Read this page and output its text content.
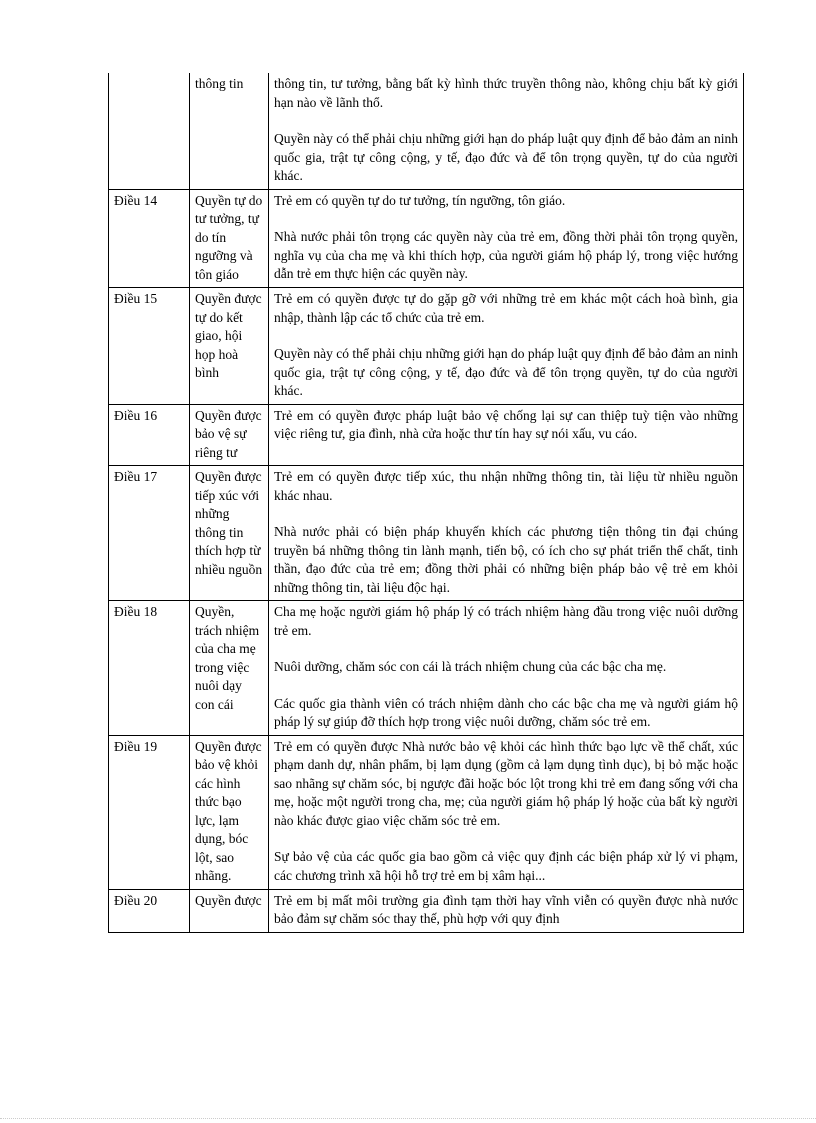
	thông tin	thông tin, tư tưởng, bằng bất kỳ hình thức truyền thông nào, không chịu bất kỳ giới hạn nào về lãnh thổ.

Quyền này có thể phải chịu những giới hạn do pháp luật quy định để bảo đảm an ninh quốc gia, trật tự công cộng, y tế, đạo đức và để tôn trọng quyền, tự do của người khác.

Điều 14	Quyền tự do tư tưởng, tự do tín ngưỡng và tôn giáo	Trẻ em có quyền tự do tư tưởng, tín ngưỡng, tôn giáo.

Nhà nước phải tôn trọng các quyền này của trẻ em, đồng thời phải tôn trọng quyền, nghĩa vụ của cha mẹ và khi thích hợp, của người giám hộ pháp lý, trong việc hướng dẫn trẻ em thực hiện các quyền này.

Điều 15	Quyền được tự do kết giao, hội họp hoà bình	Trẻ em có quyền được tự do gặp gỡ với những trẻ em khác một cách hoà bình, gia nhập, thành lập các tổ chức của trẻ em.

Quyền này có thể phải chịu những giới hạn do pháp luật quy định để bảo đảm an ninh quốc gia, trật tự công cộng, y tế, đạo đức và để tôn trọng quyền, tự do của người khác.

Điều 16	Quyền được bảo vệ sự riêng tư	Trẻ em có quyền được pháp luật bảo vệ chống lại sự can thiệp tuỳ tiện vào những việc riêng tư, gia đình, nhà cửa hoặc thư tín hay sự nói xấu, vu cáo.

Điều 17	Quyền được tiếp xúc với những thông tin thích hợp từ nhiều nguồn	Trẻ em có quyền được tiếp xúc, thu nhận những thông tin, tài liệu từ nhiều nguồn khác nhau.

Nhà nước phải có biện pháp khuyến khích các phương tiện thông tin đại chúng truyền bá những thông tin lành mạnh, tiến bộ, có ích cho sự phát triển thể chất, tinh thần, đạo đức của trẻ em; đồng thời phải có những biện pháp bảo vệ trẻ em khỏi những thông tin, tài liệu độc hại.

Điều 18	Quyền, trách nhiệm của cha mẹ trong việc nuôi dạy con cái	Cha mẹ hoặc người giám hộ pháp lý có trách nhiệm hàng đầu trong việc nuôi dưỡng trẻ em.

Nuôi dưỡng, chăm sóc con cái là trách nhiệm chung của các bậc cha mẹ.

Các quốc gia thành viên có trách nhiệm dành cho các bậc cha mẹ và người giám hộ pháp lý sự giúp đỡ thích hợp trong việc nuôi dưỡng, chăm sóc trẻ em.

Điều 19	Quyền được bảo vệ khỏi các hình thức bạo lực, lạm dụng, bóc lột, sao nhãng.	Trẻ em có quyền được Nhà nước bảo vệ khỏi các hình thức bạo lực về thể chất, xúc phạm danh dự, nhân phẩm, bị lạm dụng (gồm cả lạm dụng tình dục), bị bỏ mặc hoặc sao nhãng sự chăm sóc, bị ngược đãi hoặc bóc lột trong khi trẻ em đang sống với cha mẹ, hoặc một người trong cha, mẹ; của người giám hộ pháp lý hoặc của bất kỳ người nào khác được giao việc chăm sóc trẻ em.

Sự bảo vệ của các quốc gia bao gồm cả việc quy định các biện pháp xử lý vi phạm, các chương trình xã hội hỗ trợ trẻ em bị xâm hại...

Điều 20	Quyền được	Trẻ em bị mất môi trường gia đình tạm thời hay vĩnh viễn có quyền được nhà nước bảo đảm sự chăm sóc thay thế, phù hợp với quy định
